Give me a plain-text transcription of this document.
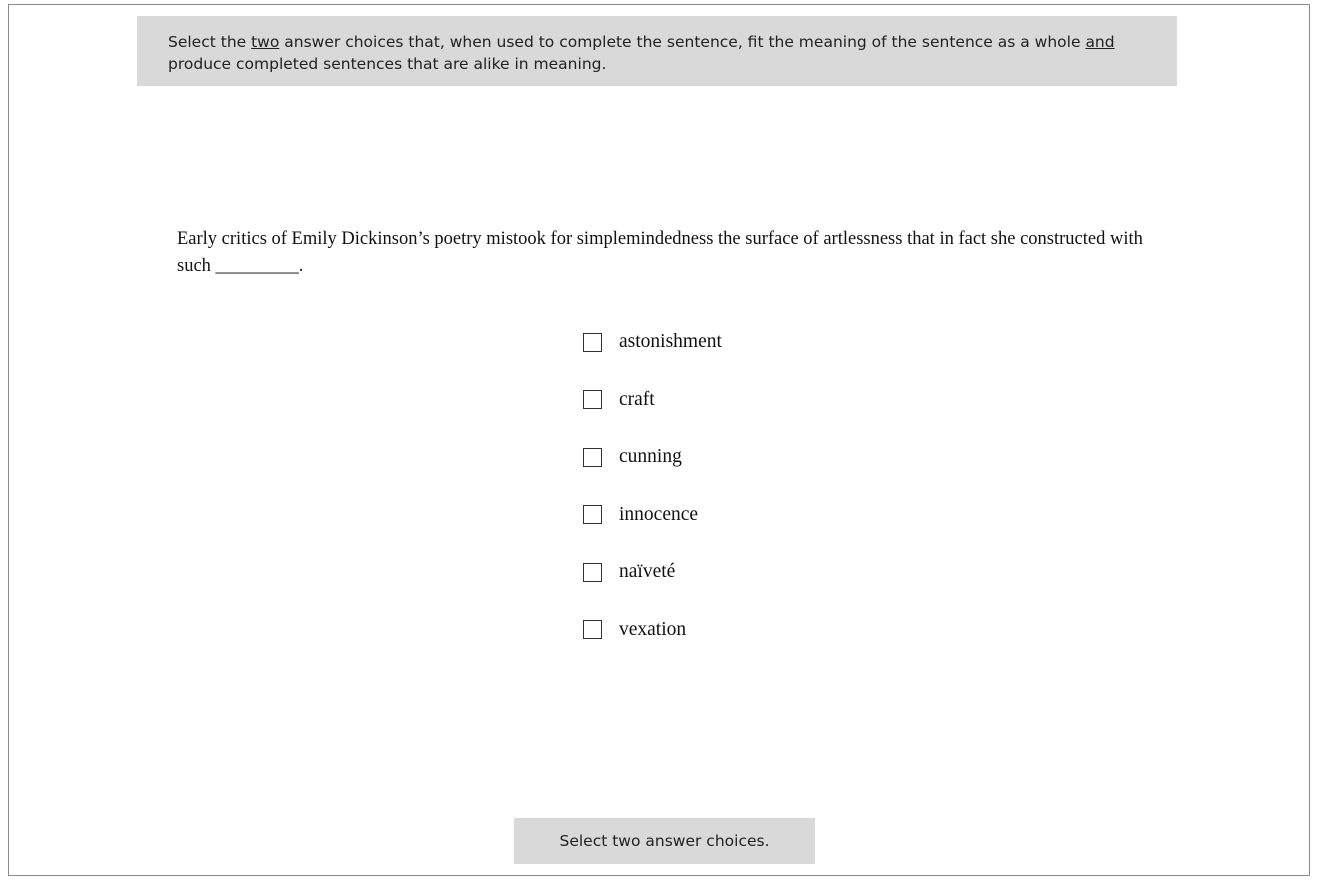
Select the two answer choices that, when used to complete the sentence, fit the meaning of the sentence as a whole and produce completed sentences that are alike in meaning.
Early critics of Emily Dickinson’s poetry mistook for simplemindedness the surface of artlessness that in fact she constructed with such _________.
astonishment
craft
cunning
innocence
naïveté
vexation
Select two answer choices.
